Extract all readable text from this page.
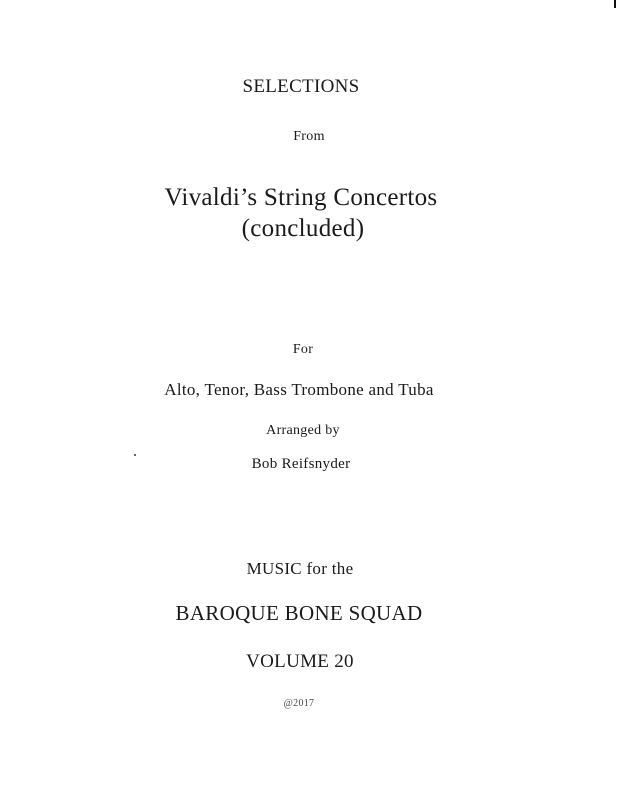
SELECTIONS
From
Vivaldi’s String Concertos
(concluded)
For
Alto, Tenor, Bass Trombone and Tuba
Arranged by
Bob Reifsnyder
MUSIC for the
BAROQUE BONE SQUAD
VOLUME 20
@2017
